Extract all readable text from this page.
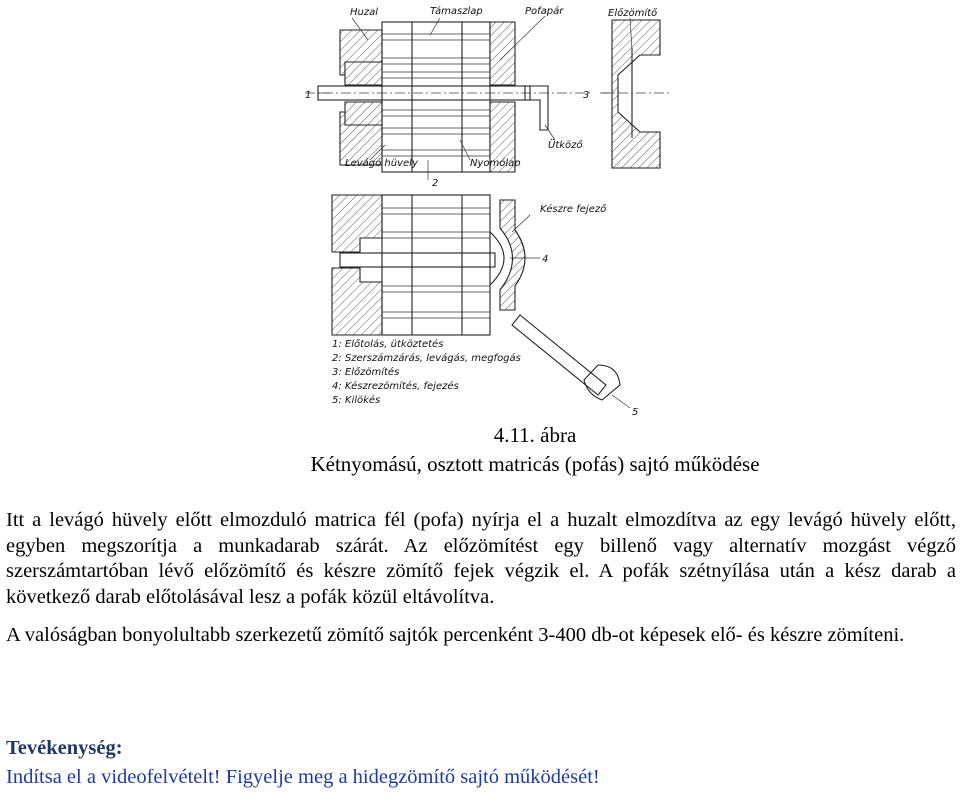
Huzal	Támaszlap	Pofapár	Előzömítő
Levágó hüvely	Nyomólap
Ütköző
Készre fejező
1
2
3
4
5
1: Előtolás, ütköztetés
2: Szerszámzárás, levágás, megfogás
3: Előzömítés
4: Készrezömítés, fejezés
5: Kilökés
4.11. ábra
Kétnyomású, osztott matricás (pofás) sajtó működése
Itt a levágó hüvely előtt elmozduló matrica fél (pofa) nyírja el a huzalt elmozdítva az egy levágó hüvely előtt, egyben megszorítja a munkadarab szárát. Az előzömítést egy billenő vagy alternatív mozgást végző szerszámtartóban lévő előzömítő és készre zömítő fejek végzik el. A pofák szétnyílása után a kész darab a következő darab előtolásával lesz a pofák közül eltávolítva.
A valóságban bonyolultabb szerkezetű zömítő sajtók percenként 3-400 db-ot képesek elő- és készre zömíteni.
Tevékenység:
Indítsa el a videofelvételt! Figyelje meg a hidegzömítő sajtó működését!
